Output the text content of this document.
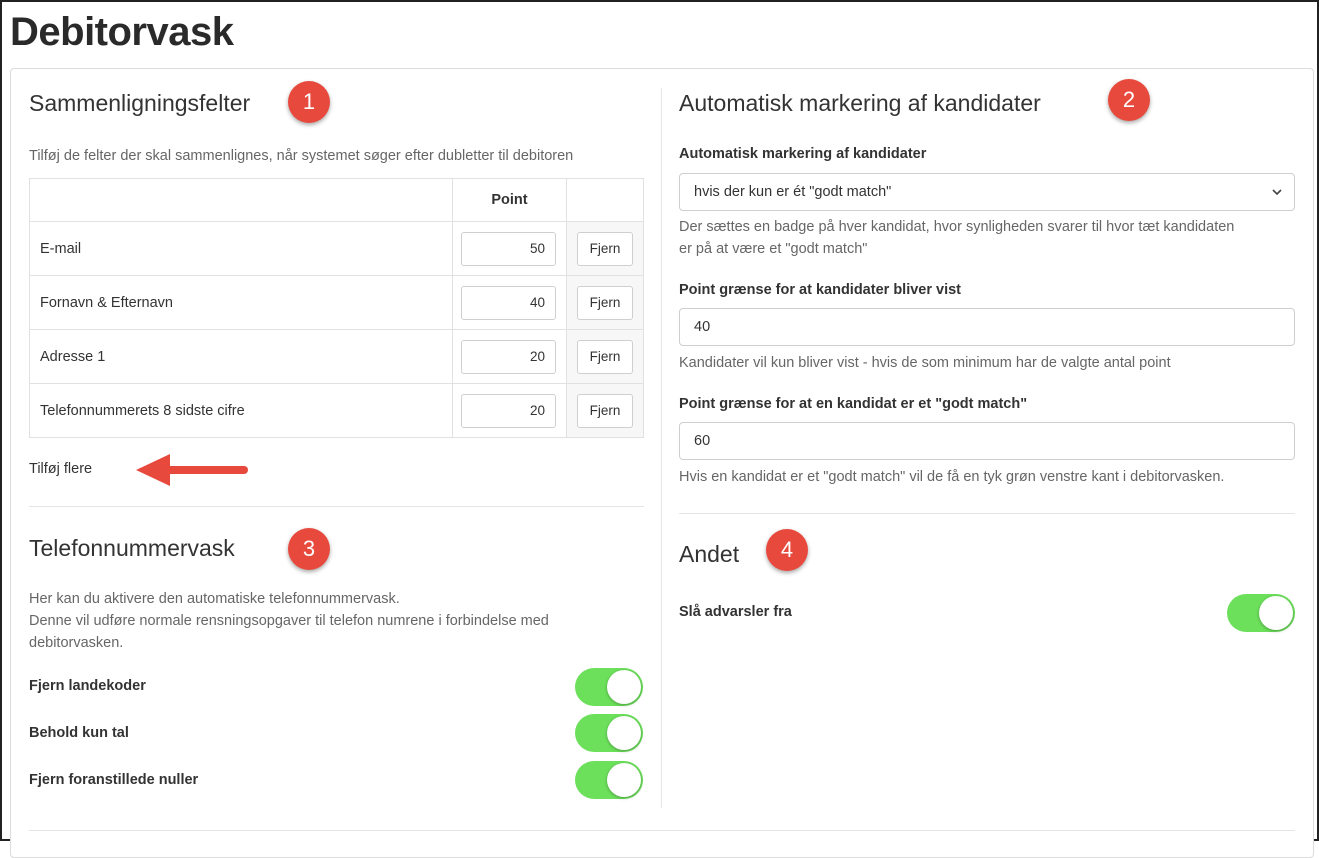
Debitorvask
Sammenligningsfelter	1

Tilføj de felter der skal sammenlignes, når systemet søger efter dubletter til debitoren

	Point	
E-mail	50	Fjern
Fornavn & Efternavn	40	Fjern
Adresse 1	20	Fjern
Telefonnummerets 8 sidste cifre	20	Fjern
Tilføj flere
Telefonnummervask	3

Her kan du aktivere den automatiske telefonnummervask.

Denne vil udføre normale rensningsopgaver til telefon numrene i forbindelse med

debitorvasken.

Fjern landekoder

Behold kun tal

Fjern foranstillede nuller

Automatisk markering af kandidater	2

Automatisk markering af kandidater

hvis der kun er ét "godt match"

Der sættes en badge på hver kandidat, hvor synligheden svarer til hvor tæt kandidaten

er på at være et "godt match"

Point grænse for at kandidater bliver vist

40

Kandidater vil kun bliver vist - hvis de som minimum har de valgte antal point

Point grænse for at en kandidat er et "godt match"

60

Hvis en kandidat er et "godt match" vil de få en tyk grøn venstre kant i debitorvasken.

Andet	4

Slå advarsler fra
